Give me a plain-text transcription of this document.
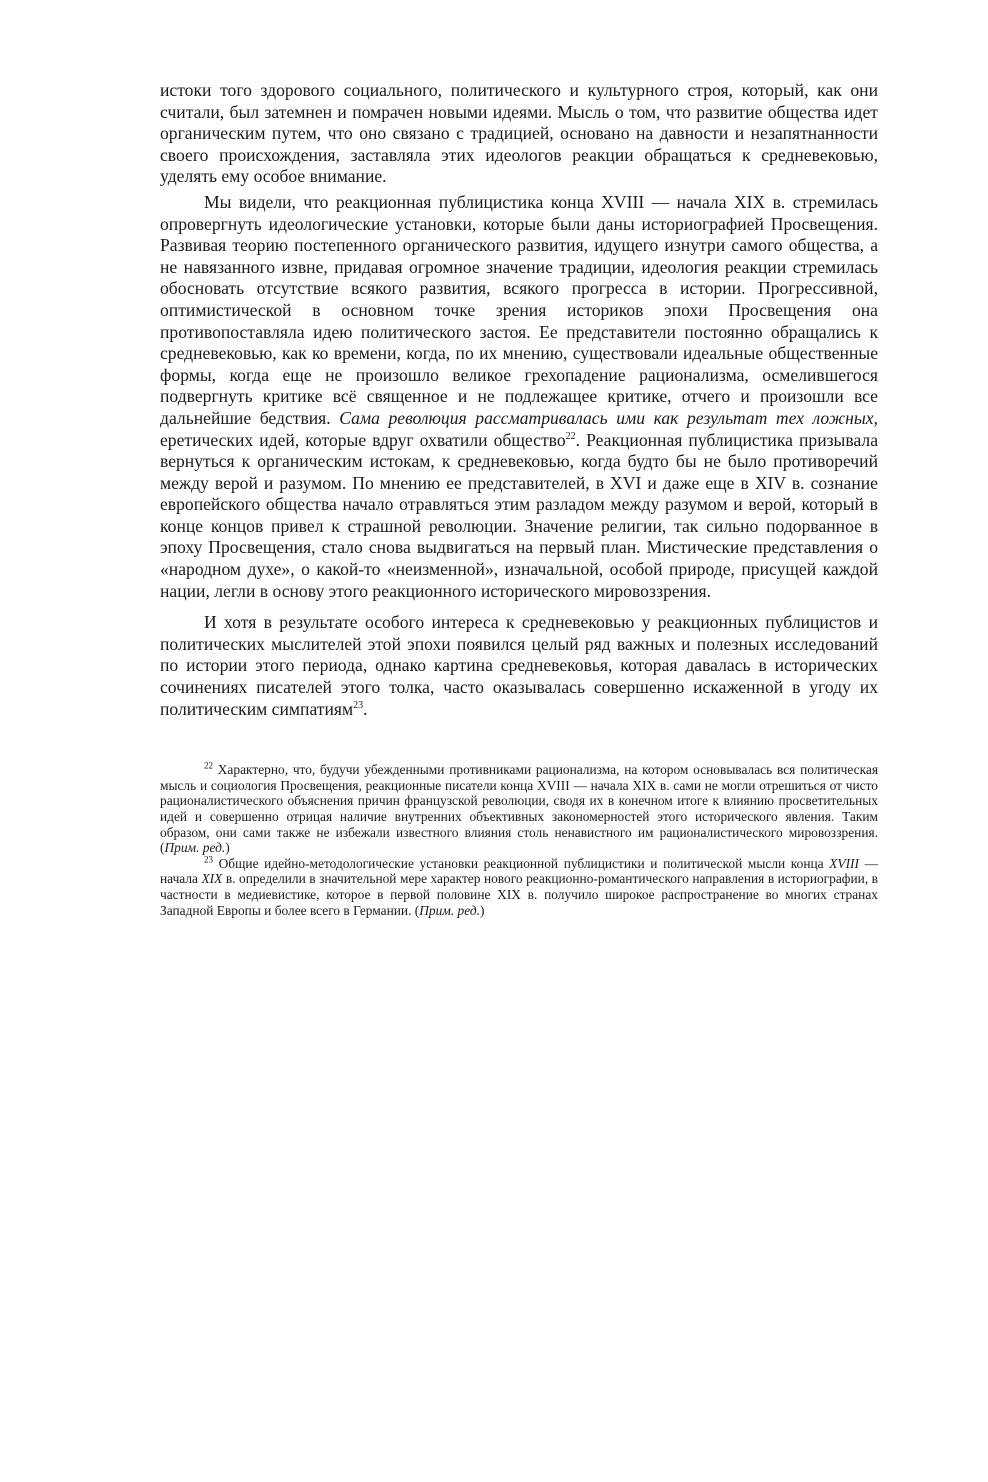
истоки того здорового социального, политического и культурного строя, который, как они считали, был затемнен и помрачен новыми идеями. Мысль о том, что развитие общества идет органическим путем, что оно связано с традицией, основано на давности и незапятнанности своего происхождения, заставляла этих идеологов реакции обращаться к средневековью, уделять ему особое внимание.

Мы видели, что реакционная публицистика конца XVIII — начала XIX в. стремилась опровергнуть идеологические установки, которые были даны историографией Просвещения. Развивая теорию постепенного органического развития, идущего изнутри самого общества, а не навязанного извне, придавая огромное значение традиции, идеология реакции стремилась обосновать отсутствие всякого развития, всякого прогресса в истории. Прогрессивной, оптимистической в основном точке зрения историков эпохи Просвещения она противопоставляла идею политического застоя. Ее представители постоянно обращались к средневековью, как ко времени, когда, по их мнению, существовали идеальные общественные формы, когда еще не произошло великое грехопадение рационализма, осмелившегося подвергнуть критике всё священное и не подлежащее критике, отчего и произошли все дальнейшие бедствия. Сама революция рассматривалась ими как результат тех ложных, еретических идей, которые вдруг охватили общество$^{22}$. Реакционная публицистика призывала вернуться к органическим истокам, к средневековью, когда будто бы не было противоречий между верой и разумом. По мнению ее представителей, в XVI и даже еще в XIV в. сознание европейского общества начало отравляться этим разладом между разумом и верой, который в конце концов привел к страшной революции. Значение религии, так сильно подорванное в эпоху Просвещения, стало снова выдвигаться на первый план. Мистические представления о «народном духе», о какой-то «неизменной», изначальной, особой природе, присущей каждой нации, легли в основу этого реакционного исторического мировоззрения.

И хотя в результате особого интереса к средневековью у реакционных публицистов и политических мыслителей этой эпохи появился целый ряд важных и полезных исследований по истории этого периода, однако картина средневековья, которая давалась в исторических сочинениях писателей этого толка, часто оказывалась совершенно искаженной в угоду их политическим симпатиям$^{23}$.

$^{22}$ Характерно, что, будучи убежденными противниками рационализма, на котором основывалась вся политическая мысль и социология Просвещения, реакционные писатели конца XVIII — начала XIX в. сами не могли отрешиться от чисто рационалистического объяснения причин французской революции, сводя их в конечном итоге к влиянию просветительных идей и совершенно отрицая наличие внутренних объективных закономерностей этого исторического явления. Таким образом, они сами также не избежали известного влияния столь ненавистного им рационалистического мировоззрения. (Прим. ред.)

$^{23}$ Общие идейно-методологические установки реакционной публицистики и политической мысли конца XVIII — начала XIX в. определили в значительной мере характер нового реакционно-романтического направления в историографии, в частности в медиевистике, которое в первой половине XIX в. получило широкое распространение во многих странах Западной Европы и более всего в Германии. (Прим. ред.)
